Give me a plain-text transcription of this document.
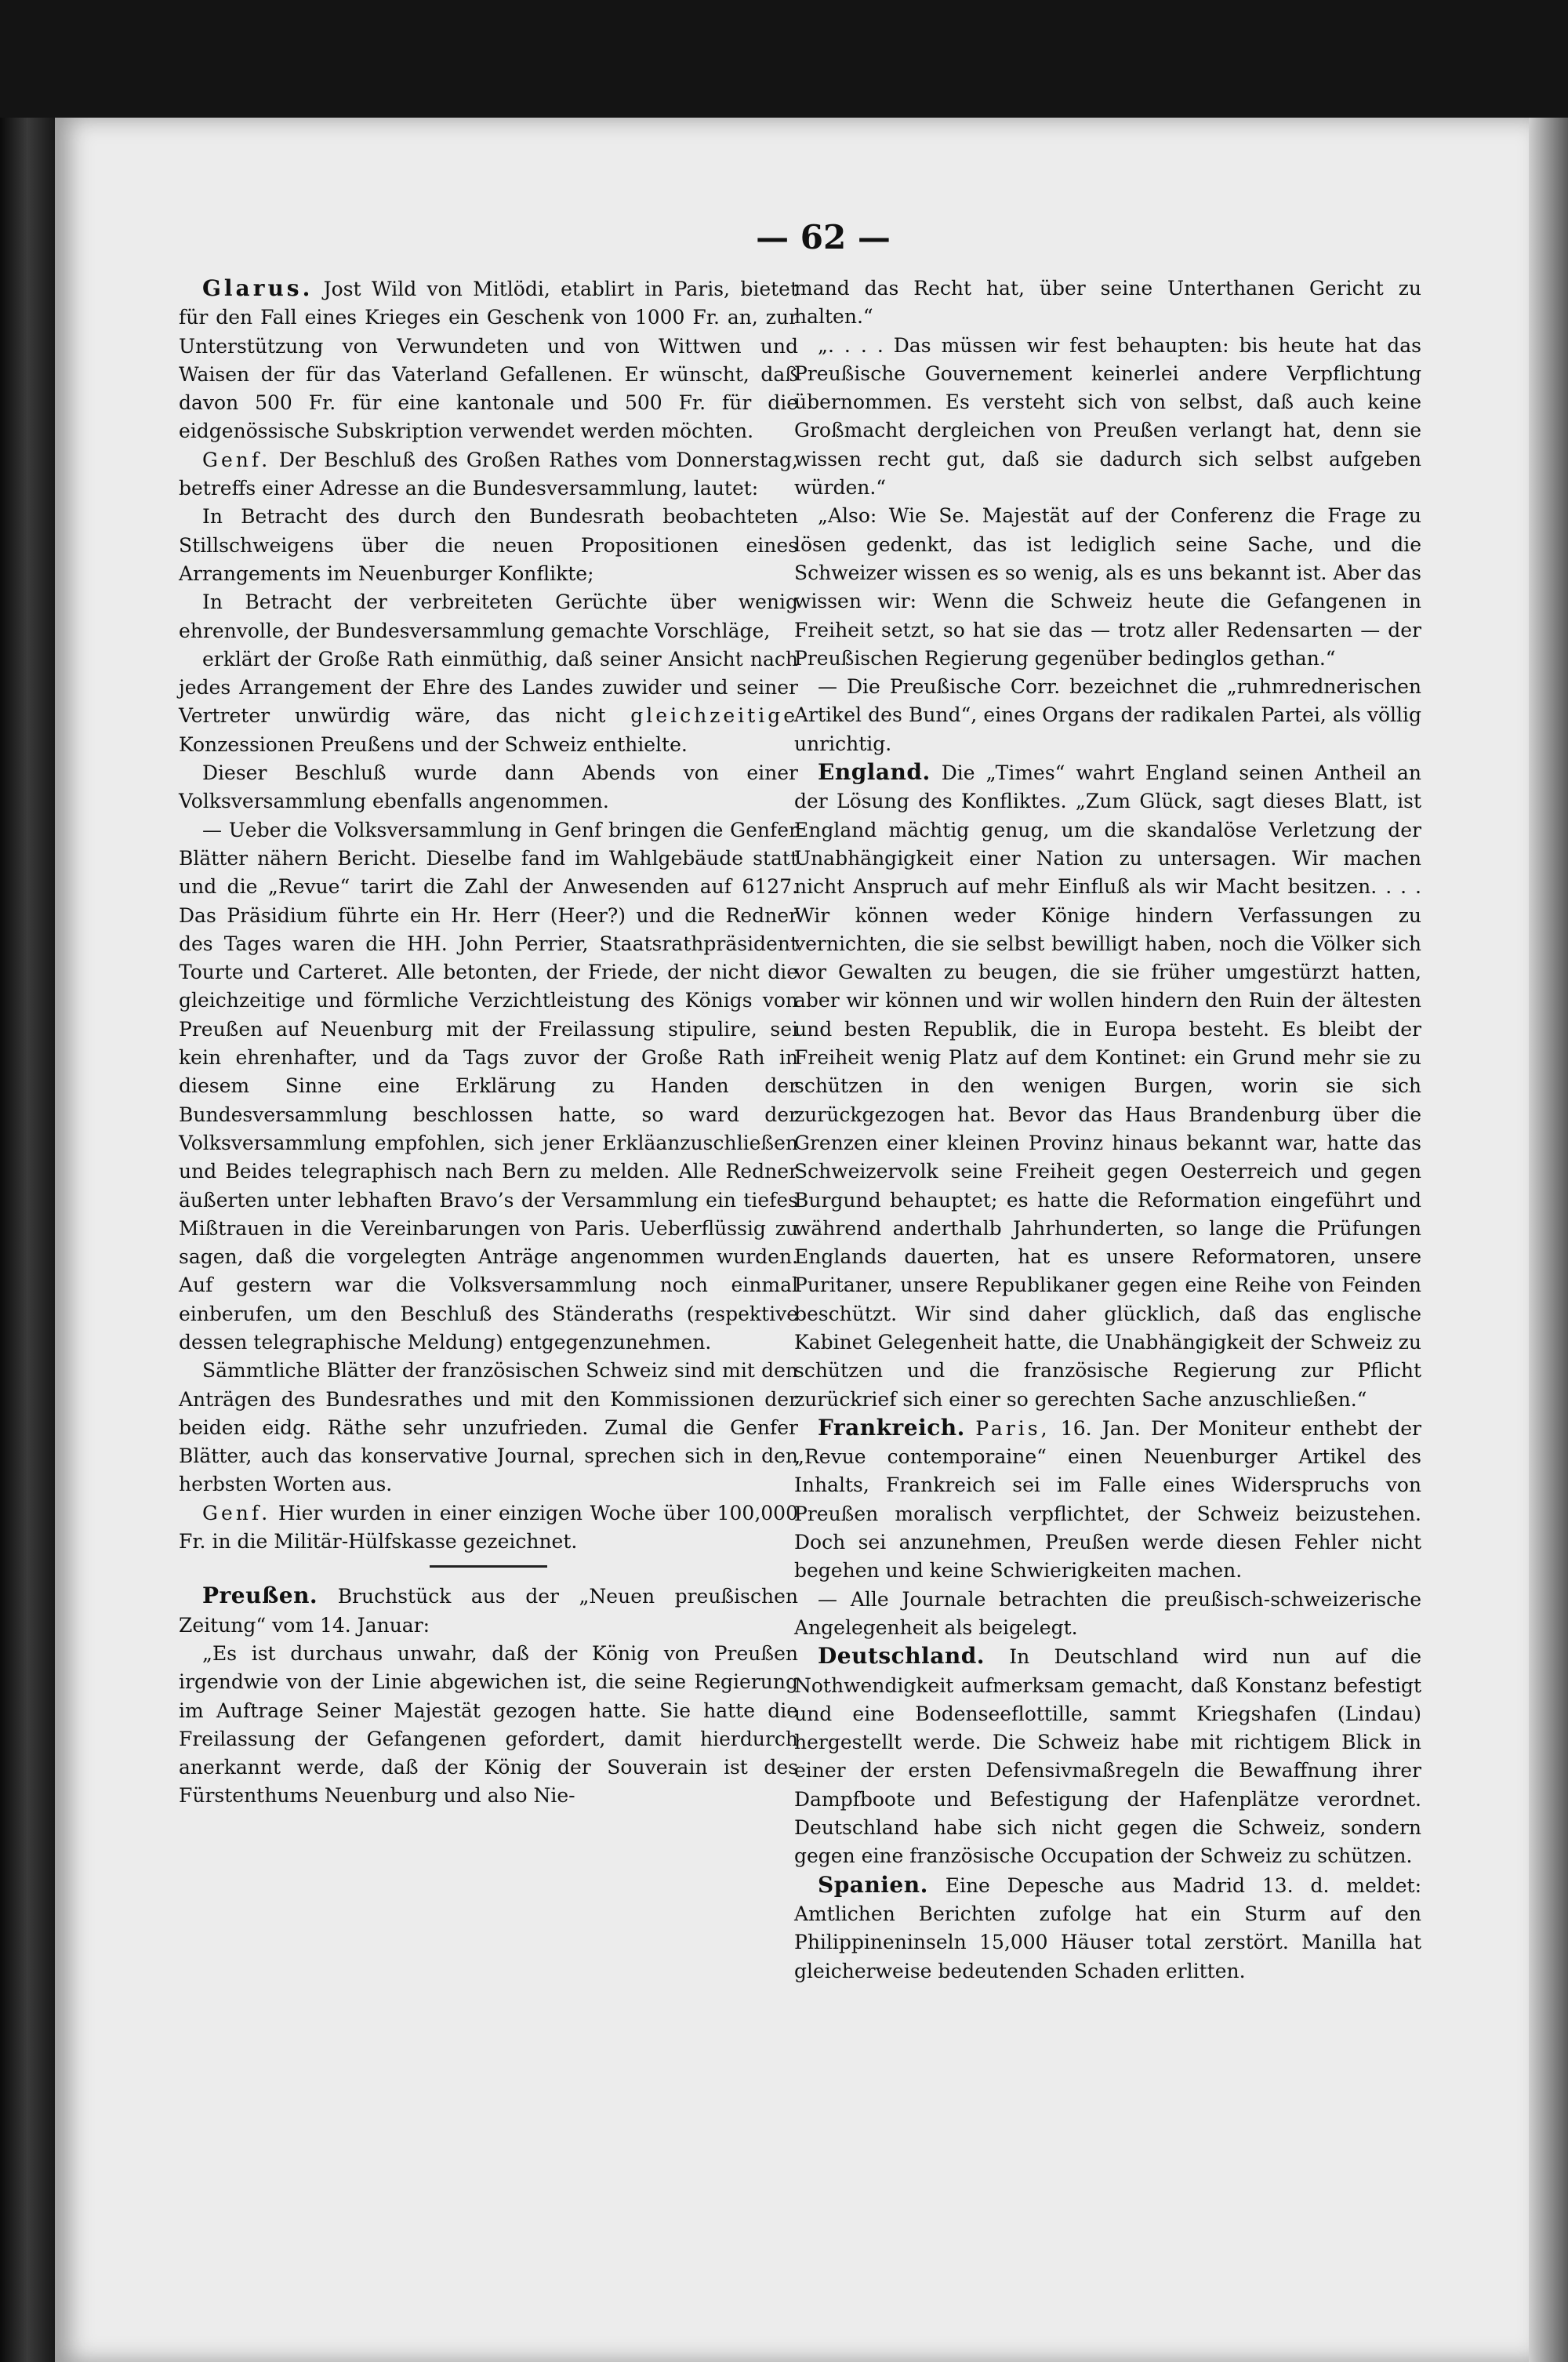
— 62 —

Glarus. Jost Wild von Mitlödi, etablirt in Paris, bietet für den Fall eines Krieges ein Geschenk von 1000 Fr. an, zur Unterstützung von Verwundeten und von Wittwen und Waisen der für das Vaterland Gefallenen. Er wünscht, daß davon 500 Fr. für eine kantonale und 500 Fr. für die eidgenössische Subskription verwendet werden möchten.

Genf. Der Beschluß des Großen Rathes vom Donnerstag, betreffs einer Adresse an die Bundesversammlung, lautet:

In Betracht des durch den Bundesrath beobachteten Stillschweigens über die neuen Propositionen eines Arrangements im Neuenburger Konflikte;

In Betracht der verbreiteten Gerüchte über wenig ehrenvolle, der Bundesversammlung gemachte Vorschläge,

erklärt der Große Rath einmüthig, daß seiner Ansicht nach jedes Arrangement der Ehre des Landes zuwider und seiner Vertreter unwürdig wäre, das nicht gleichzeitige Konzessionen Preußens und der Schweiz enthielte.

Dieser Beschluß wurde dann Abends von einer Volksversammlung ebenfalls angenommen.

— Ueber die Volksversammlung in Genf bringen die Genfer Blätter nähern Bericht. Dieselbe fand im Wahlgebäude statt und die „Revue“ tarirt die Zahl der Anwesenden auf 6127. Das Präsidium führte ein Hr. Herr (Heer?) und die Redner des Tages waren die HH. John Perrier, Staatsrathpräsident Tourte und Carteret. Alle betonten, der Friede, der nicht die gleichzeitige und förmliche Verzichtleistung des Königs von Preußen auf Neuenburg mit der Freilassung stipulire, sei kein ehrenhafter, und da Tags zuvor der Große Rath in diesem Sinne eine Erklärung zu Handen der Bundesversammlung beschlossen hatte, so ward der Volksversammlung empfohlen, sich jener Erkläanzuschließen und Beides telegraphisch nach Bern zu melden. Alle Redner äußerten unter lebhaften Bravo’s der Versammlung ein tiefes Mißtrauen in die Vereinbarungen von Paris. Ueberflüssig zu sagen, daß die vorgelegten Anträge angenommen wurden. Auf gestern war die Volksversammlung noch einmal einberufen, um den Beschluß des Ständeraths (respektive dessen telegraphische Meldung) entgegenzunehmen.

Sämmtliche Blätter der französischen Schweiz sind mit den Anträgen des Bundesrathes und mit den Kommissionen der beiden eidg. Räthe sehr unzufrieden. Zumal die Genfer Blätter, auch das konservative Journal, sprechen sich in den herbsten Worten aus.

Genf. Hier wurden in einer einzigen Woche über 100,000 Fr. in die Militär-Hülfskasse gezeichnet.

Preußen. Bruchstück aus der „Neuen preußischen Zeitung“ vom 14. Januar:

„Es ist durchaus unwahr, daß der König von Preußen irgendwie von der Linie abgewichen ist, die seine Regierung im Auftrage Seiner Majestät gezogen hatte. Sie hatte die Freilassung der Gefangenen gefordert, damit hierdurch anerkannt werde, daß der König der Souverain ist des Fürstenthums Neuenburg und also Nie-

mand das Recht hat, über seine Unterthanen Gericht zu halten.“

„. . . . Das müssen wir fest behaupten: bis heute hat das Preußische Gouvernement keinerlei andere Verpflichtung übernommen. Es versteht sich von selbst, daß auch keine Großmacht dergleichen von Preußen verlangt hat, denn sie wissen recht gut, daß sie dadurch sich selbst aufgeben würden.“

„Also: Wie Se. Majestät auf der Conferenz die Frage zu lösen gedenkt, das ist lediglich seine Sache, und die Schweizer wissen es so wenig, als es uns bekannt ist. Aber das wissen wir: Wenn die Schweiz heute die Gefangenen in Freiheit setzt, so hat sie das — trotz aller Redensarten — der Preußischen Regierung gegenüber bedinglos gethan.“

— Die Preußische Corr. bezeichnet die „ruhmrednerischen Artikel des Bund“, eines Organs der radikalen Partei, als völlig unrichtig.

England. Die „Times“ wahrt England seinen Antheil an der Lösung des Konfliktes. „Zum Glück, sagt dieses Blatt, ist England mächtig genug, um die skandalöse Verletzung der Unabhängigkeit einer Nation zu untersagen. Wir machen nicht Anspruch auf mehr Einfluß als wir Macht besitzen. . . . Wir können weder Könige hindern Verfassungen zu vernichten, die sie selbst bewilligt haben, noch die Völker sich vor Gewalten zu beugen, die sie früher umgestürzt hatten, aber wir können und wir wollen hindern den Ruin der ältesten und besten Republik, die in Europa besteht. Es bleibt der Freiheit wenig Platz auf dem Kontinet: ein Grund mehr sie zu schützen in den wenigen Burgen, worin sie sich zurückgezogen hat. Bevor das Haus Brandenburg über die Grenzen einer kleinen Provinz hinaus bekannt war, hatte das Schweizervolk seine Freiheit gegen Oesterreich und gegen Burgund behauptet; es hatte die Reformation eingeführt und während anderthalb Jahrhunderten, so lange die Prüfungen Englands dauerten, hat es unsere Reformatoren, unsere Puritaner, unsere Republikaner gegen eine Reihe von Feinden beschützt. Wir sind daher glücklich, daß das englische Kabinet Gelegenheit hatte, die Unabhängigkeit der Schweiz zu schützen und die französische Regierung zur Pflicht zurückrief sich einer so gerechten Sache anzuschließen.“

Frankreich. Paris, 16. Jan. Der Moniteur enthebt der „Revue contemporaine“ einen Neuenburger Artikel des Inhalts, Frankreich sei im Falle eines Widerspruchs von Preußen moralisch verpflichtet, der Schweiz beizustehen. Doch sei anzunehmen, Preußen werde diesen Fehler nicht begehen und keine Schwierigkeiten machen.

— Alle Journale betrachten die preußisch-schweizerische Angelegenheit als beigelegt.

Deutschland. In Deutschland wird nun auf die Nothwendigkeit aufmerksam gemacht, daß Konstanz befestigt und eine Bodenseeflottille, sammt Kriegshafen (Lindau) hergestellt werde. Die Schweiz habe mit richtigem Blick in einer der ersten Defensivmaßregeln die Bewaffnung ihrer Dampfboote und Befestigung der Hafenplätze verordnet. Deutschland habe sich nicht gegen die Schweiz, sondern gegen eine französische Occupation der Schweiz zu schützen.

Spanien. Eine Depesche aus Madrid 13. d. meldet: Amtlichen Berichten zufolge hat ein Sturm auf den Philippineninseln 15,000 Häuser total zerstört. Manilla hat gleicherweise bedeutenden Schaden erlitten.
